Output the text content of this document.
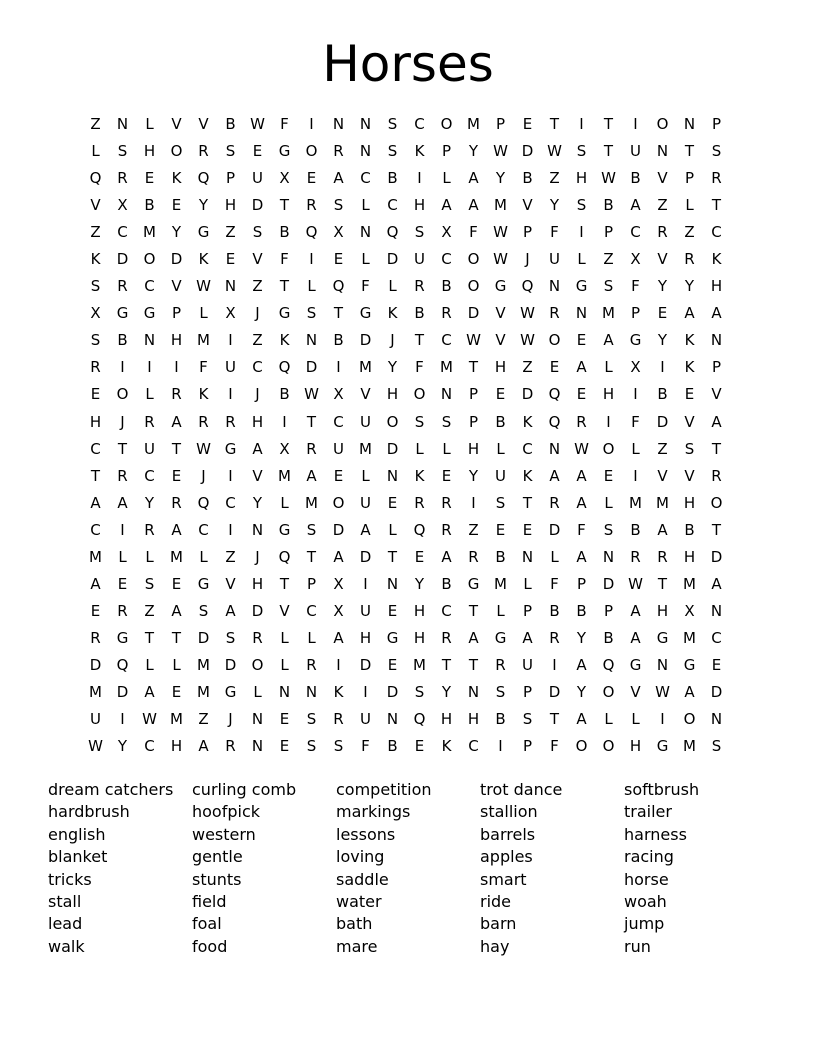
Horses
Z	N	L	V	V	B W	F	I	N	N	S	C	O M	P	E	T	I	T	I	O	N	P
L	S	H	O	R	S	E	G	O	R	N	S	K	P	Y	W D W S	T	U	N	T	S
Q	R	E	K	Q	P	U	X	E	A	C	B	I	L	A	Y	B	Z	H W B	V	P	R
V	X	B	E	Y	H	D	T	R	S	L	C	H	A	A	M	V	Y	S	B	A	Z	L	T
Z	C	M	Y	G	Z	S	B	Q	X	N	Q	S	X	F	W	P	F	I	P	C	R	Z	C
K	D	O	D	K	E	V	F	I	E	L	D	U	C	O W	J	U	L	Z	X	V	R	K
S	R	C	V W N	Z	T	L	Q	F	L	R	B	O	G	Q	N	G	S	F	Y	Y	H
X	G	G	P	L	X	J	G	S	T	G	K	B	R	D	V W R	N M	P	E	A	A
S	B	N	H M	I	Z	K	N	B	D	J	T	C W V W O	E	A	G	Y	K	N
R	I	I	I	F	U	C	Q	D	I	M	Y	F	M	T	H	Z	E	A	L	X	I	K	P
E	O	L	R	K	I	J	B W X	V	H	O	N	P	E	D	Q	E	H	I	B	E	V
H	J	R	A	R	R	H	I	T	C	U	O	S	S	P	B	K	Q	R	I	F	D	V	A
C	T	U	T	W G	A	X	R	U	M D	L	L	H	L	C	N W O	L	Z	S	T
T	R	C	E	J	I	V	M	A	E	L	N	K	E	Y	U	K	A	A	E	I	V	V	R
A	A	Y	R	Q	C	Y	L	M O	U	E	R	R	I	S	T	R	A	L	M M H	O
C	I	R	A	C	I	N	G	S	D	A	L	Q	R	Z	E	E	D	F	S	B	A	B	T
M	L	L	M	L	Z	J	Q	T	A	D	T	E	A	R	B	N	L	A	N	R	R	H	D
A	E	S	E	G	V	H	T	P	X	I	N	Y	B	G M	L	F	P	D W T	M	A
E	R	Z	A	S	A	D	V	C	X	U	E	H	C	T	L	P	B	B	P	A	H	X	N
R	G	T	T	D	S	R	L	L	A	H	G	H	R	A	G	A	R	Y	B	A	G M	C
D	Q	L	L	M D	O	L	R	I	D	E	M	T	T	R	U	I	A	Q	G	N	G	E
M D	A	E	M G	L	N	N	K	I	D	S	Y	N	S	P	D	Y	O	V W A	D
U	I	W M	Z	J	N	E	S	R	U	N	Q	H	H	B	S	T	A	L	L	I	O	N
W Y	C	H	A	R	N	E	S	S	F	B	E	K	C	I	P	F	O	O	H	G M	S
dream catchers	curling comb	competition	trot dance	softbrush
hardbrush	hoofpick	markings	stallion	trailer
english	western	lessons	barrels	harness
blanket	gentle	loving	apples	racing
tricks	stunts	saddle	smart	horse
stall	field	water	ride	woah
lead	foal	bath	barn	jump
walk	food	mare	hay	run
